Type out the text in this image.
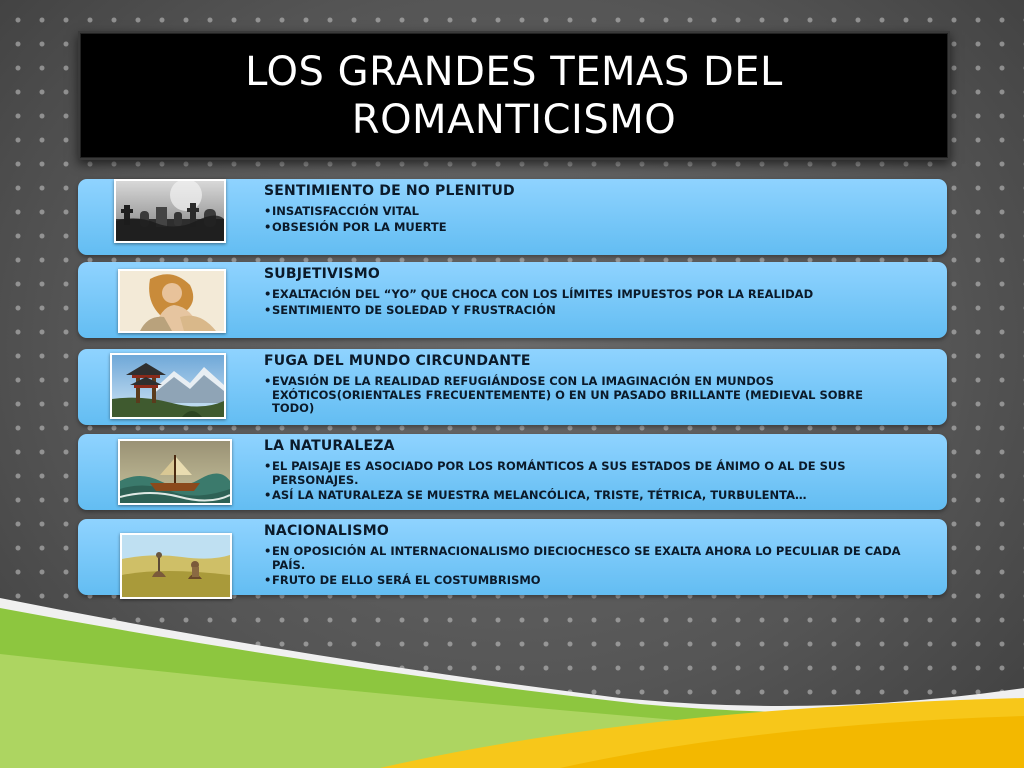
LOS GRANDES TEMAS DEL ROMANTICISMO

SENTIMIENTO DE NO PLENITUD

• INSATISFACCIÓN VITAL
• OBSESIÓN POR LA MUERTE

SUBJETIVISMO

• EXALTACIÓN DEL “YO” QUE CHOCA CON LOS LÍMITES IMPUESTOS POR LA REALIDAD
• SENTIMIENTO DE SOLEDAD Y FRUSTRACIÓN

FUGA DEL MUNDO CIRCUNDANTE

• EVASIÓN DE LA REALIDAD REFUGIÁNDOSE CON LA IMAGINACIÓN EN MUNDOS EXÓTICOS(ORIENTALES FRECUENTEMENTE) O EN UN PASADO BRILLANTE (MEDIEVAL SOBRE TODO)

LA NATURALEZA

• EL PAISAJE ES ASOCIADO POR LOS ROMÁNTICOS A SUS ESTADOS DE ÁNIMO O AL DE SUS PERSONAJES.
• ASÍ LA NATURALEZA SE MUESTRA MELANCÓLICA, TRISTE, TÉTRICA, TURBULENTA…

NACIONALISMO

• EN OPOSICIÓN AL INTERNACIONALISMO DIECIOCHESCO SE EXALTA AHORA LO PECULIAR DE CADA PAÍS.
• FRUTO DE ELLO SERÁ EL COSTUMBRISMO
